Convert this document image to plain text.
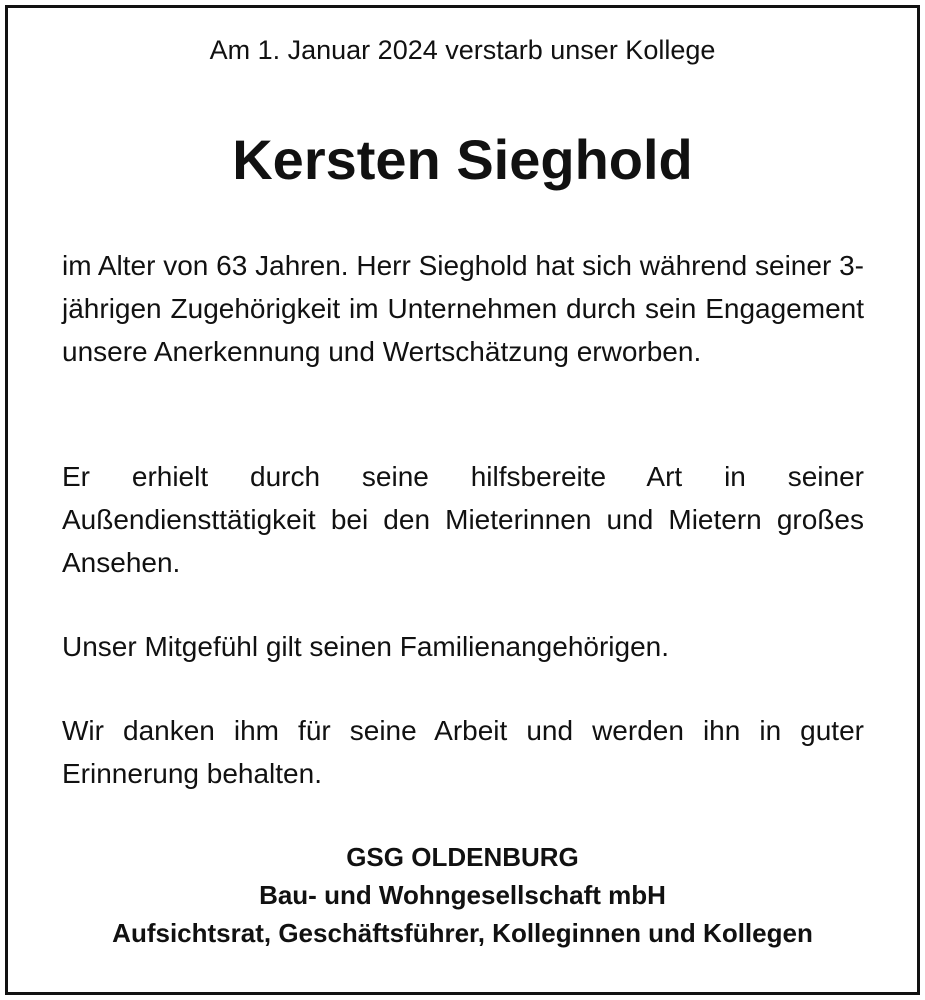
Am 1. Januar 2024 verstarb unser Kollege
Kersten Sieghold

im Alter von 63 Jahren. Herr Sieghold hat sich während seiner 3-jährigen Zugehörigkeit im Unternehmen durch sein Engagement unsere Anerkennung und Wertschätzung erworben.

Er erhielt durch seine hilfsbereite Art in seiner Außendiensttätigkeit bei den Mieterinnen und Mietern großes Ansehen.

Unser Mitgefühl gilt seinen Familienangehörigen.

Wir danken ihm für seine Arbeit und werden ihn in guter Erinnerung behalten.

GSG OLDENBURG
Bau- und Wohngesellschaft mbH
Aufsichtsrat, Geschäftsführer, Kolleginnen und Kollegen
